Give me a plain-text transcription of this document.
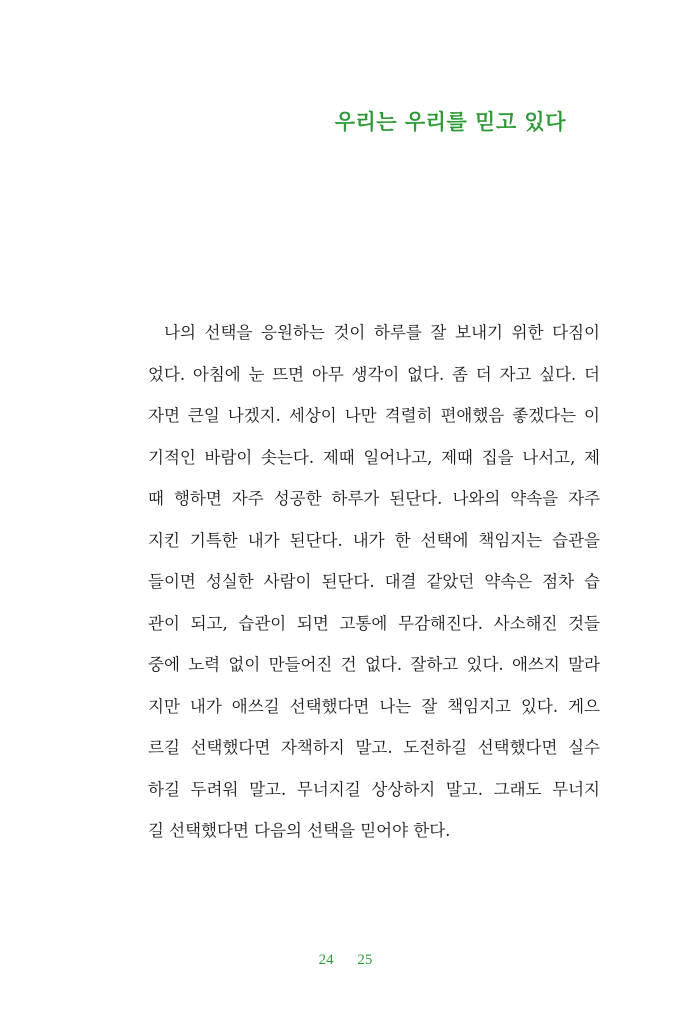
우리는 우리를 믿고 있다
나의 선택을 응원하는 것이 하루를 잘 보내기 위한 다짐이
었다. 아침에 눈 뜨면 아무 생각이 없다. 좀 더 자고 싶다. 더
자면 큰일 나겠지. 세상이 나만 격렬히 편애했음 좋겠다는 이
기적인 바람이 솟는다. 제때 일어나고, 제때 집을 나서고, 제
때 행하면 자주 성공한 하루가 된단다. 나와의 약속을 자주
지킨 기특한 내가 된단다. 내가 한 선택에 책임지는 습관을
들이면 성실한 사람이 된단다. 대결 같았던 약속은 점차 습
관이 되고, 습관이 되면 고통에 무감해진다. 사소해진 것들
중에 노력 없이 만들어진 건 없다. 잘하고 있다. 애쓰지 말라
지만 내가 애쓰길 선택했다면 나는 잘 책임지고 있다. 게으
르길 선택했다면 자책하지 말고. 도전하길 선택했다면 실수
하길 두려워 말고. 무너지길 상상하지 말고. 그래도 무너지
길 선택했다면 다음의 선택을 믿어야 한다.
24 25
